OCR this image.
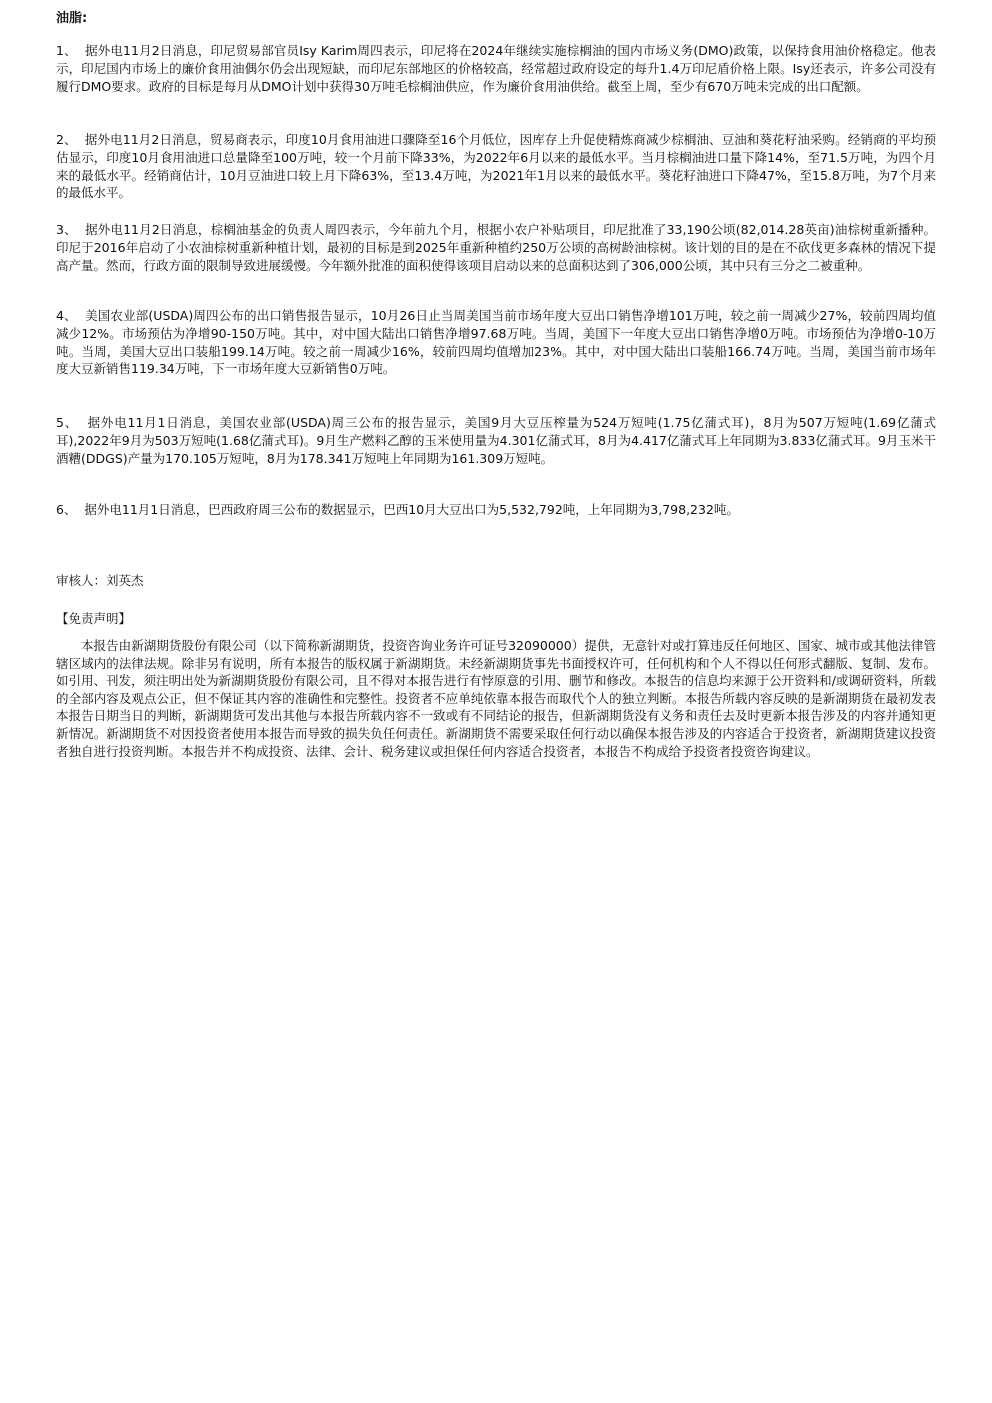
油脂:
1、 据外电11月2日消息，印尼贸易部官员Isy Karim周四表示，印尼将在2024年继续实施棕榈油的国内市场义务(DMO)政策，以保持食用油价格稳定。他表示，印尼国内市场上的廉价食用油偶尔仍会出现短缺，而印尼东部地区的价格较高，经常超过政府设定的每升1.4万印尼盾价格上限。Isy还表示，许多公司没有履行DMO要求。政府的目标是每月从DMO计划中获得30万吨毛棕榈油供应，作为廉价食用油供给。截至上周，至少有670万吨未完成的出口配额。
2、 据外电11月2日消息，贸易商表示，印度10月食用油进口骤降至16个月低位，因库存上升促使精炼商减少棕榈油、豆油和葵花籽油采购。经销商的平均预估显示，印度10月食用油进口总量降至100万吨，较一个月前下降33%，为2022年6月以来的最低水平。当月棕榈油进口量下降14%，至71.5万吨，为四个月来的最低水平。经销商估计，10月豆油进口较上月下降63%，至13.4万吨，为2021年1月以来的最低水平。葵花籽油进口下降47%，至15.8万吨，为7个月来的最低水平。
3、 据外电11月2日消息，棕榈油基金的负责人周四表示，今年前九个月，根据小农户补贴项目，印尼批准了33,190公顷(82,014.28英亩)油棕树重新播种。印尼于2016年启动了小农油棕树重新种植计划，最初的目标是到2025年重新种植约250万公顷的高树龄油棕树。该计划的目的是在不砍伐更多森林的情况下提高产量。然而，行政方面的限制导致进展缓慢。今年额外批准的面积使得该项目启动以来的总面积达到了306,000公顷，其中只有三分之二被重种。
4、 美国农业部(USDA)周四公布的出口销售报告显示，10月26日止当周美国当前市场年度大豆出口销售净增101万吨，较之前一周减少27%，较前四周均值减少12%。市场预估为净增90-150万吨。其中，对中国大陆出口销售净增97.68万吨。当周，美国下一年度大豆出口销售净增0万吨。市场预估为净增0-10万吨。当周，美国大豆出口装船199.14万吨。较之前一周减少16%，较前四周均值增加23%。其中，对中国大陆出口装船166.74万吨。当周，美国当前市场年度大豆新销售119.34万吨，下一市场年度大豆新销售0万吨。
5、 据外电11月1日消息，美国农业部(USDA)周三公布的报告显示，美国9月大豆压榨量为524万短吨(1.75亿蒲式耳)，8月为507万短吨(1.69亿蒲式耳),2022年9月为503万短吨(1.68亿蒲式耳)。9月生产燃料乙醇的玉米使用量为4.301亿蒲式耳，8月为4.417亿蒲式耳上年同期为3.833亿蒲式耳。9月玉米干酒糟(DDGS)产量为170.105万短吨，8月为178.341万短吨上年同期为161.309万短吨。
6、 据外电11月1日消息，巴西政府周三公布的数据显示，巴西10月大豆出口为5,532,792吨，上年同期为3,798,232吨。
审核人：刘英杰
【免责声明】
本报告由新湖期货股份有限公司（以下简称新湖期货，投资咨询业务许可证号32090000）提供，无意针对或打算违反任何地区、国家、城市或其他法律管辖区域内的法律法规。除非另有说明，所有本报告的版权属于新湖期货。未经新湖期货事先书面授权许可，任何机构和个人不得以任何形式翻版、复制、发布。如引用、刊发，须注明出处为新湖期货股份有限公司，且不得对本报告进行有悖原意的引用、删节和修改。本报告的信息均来源于公开资料和/或调研资料，所载的全部内容及观点公正，但不保证其内容的准确性和完整性。投资者不应单纯依靠本报告而取代个人的独立判断。本报告所载内容反映的是新湖期货在最初发表本报告日期当日的判断，新湖期货可发出其他与本报告所载内容不一致或有不同结论的报告，但新湖期货没有义务和责任去及时更新本报告涉及的内容并通知更新情况。新湖期货不对因投资者使用本报告而导致的损失负任何责任。新湖期货不需要采取任何行动以确保本报告涉及的内容适合于投资者，新湖期货建议投资者独自进行投资判断。本报告并不构成投资、法律、会计、税务建议或担保任何内容适合投资者，本报告不构成给予投资者投资咨询建议。
